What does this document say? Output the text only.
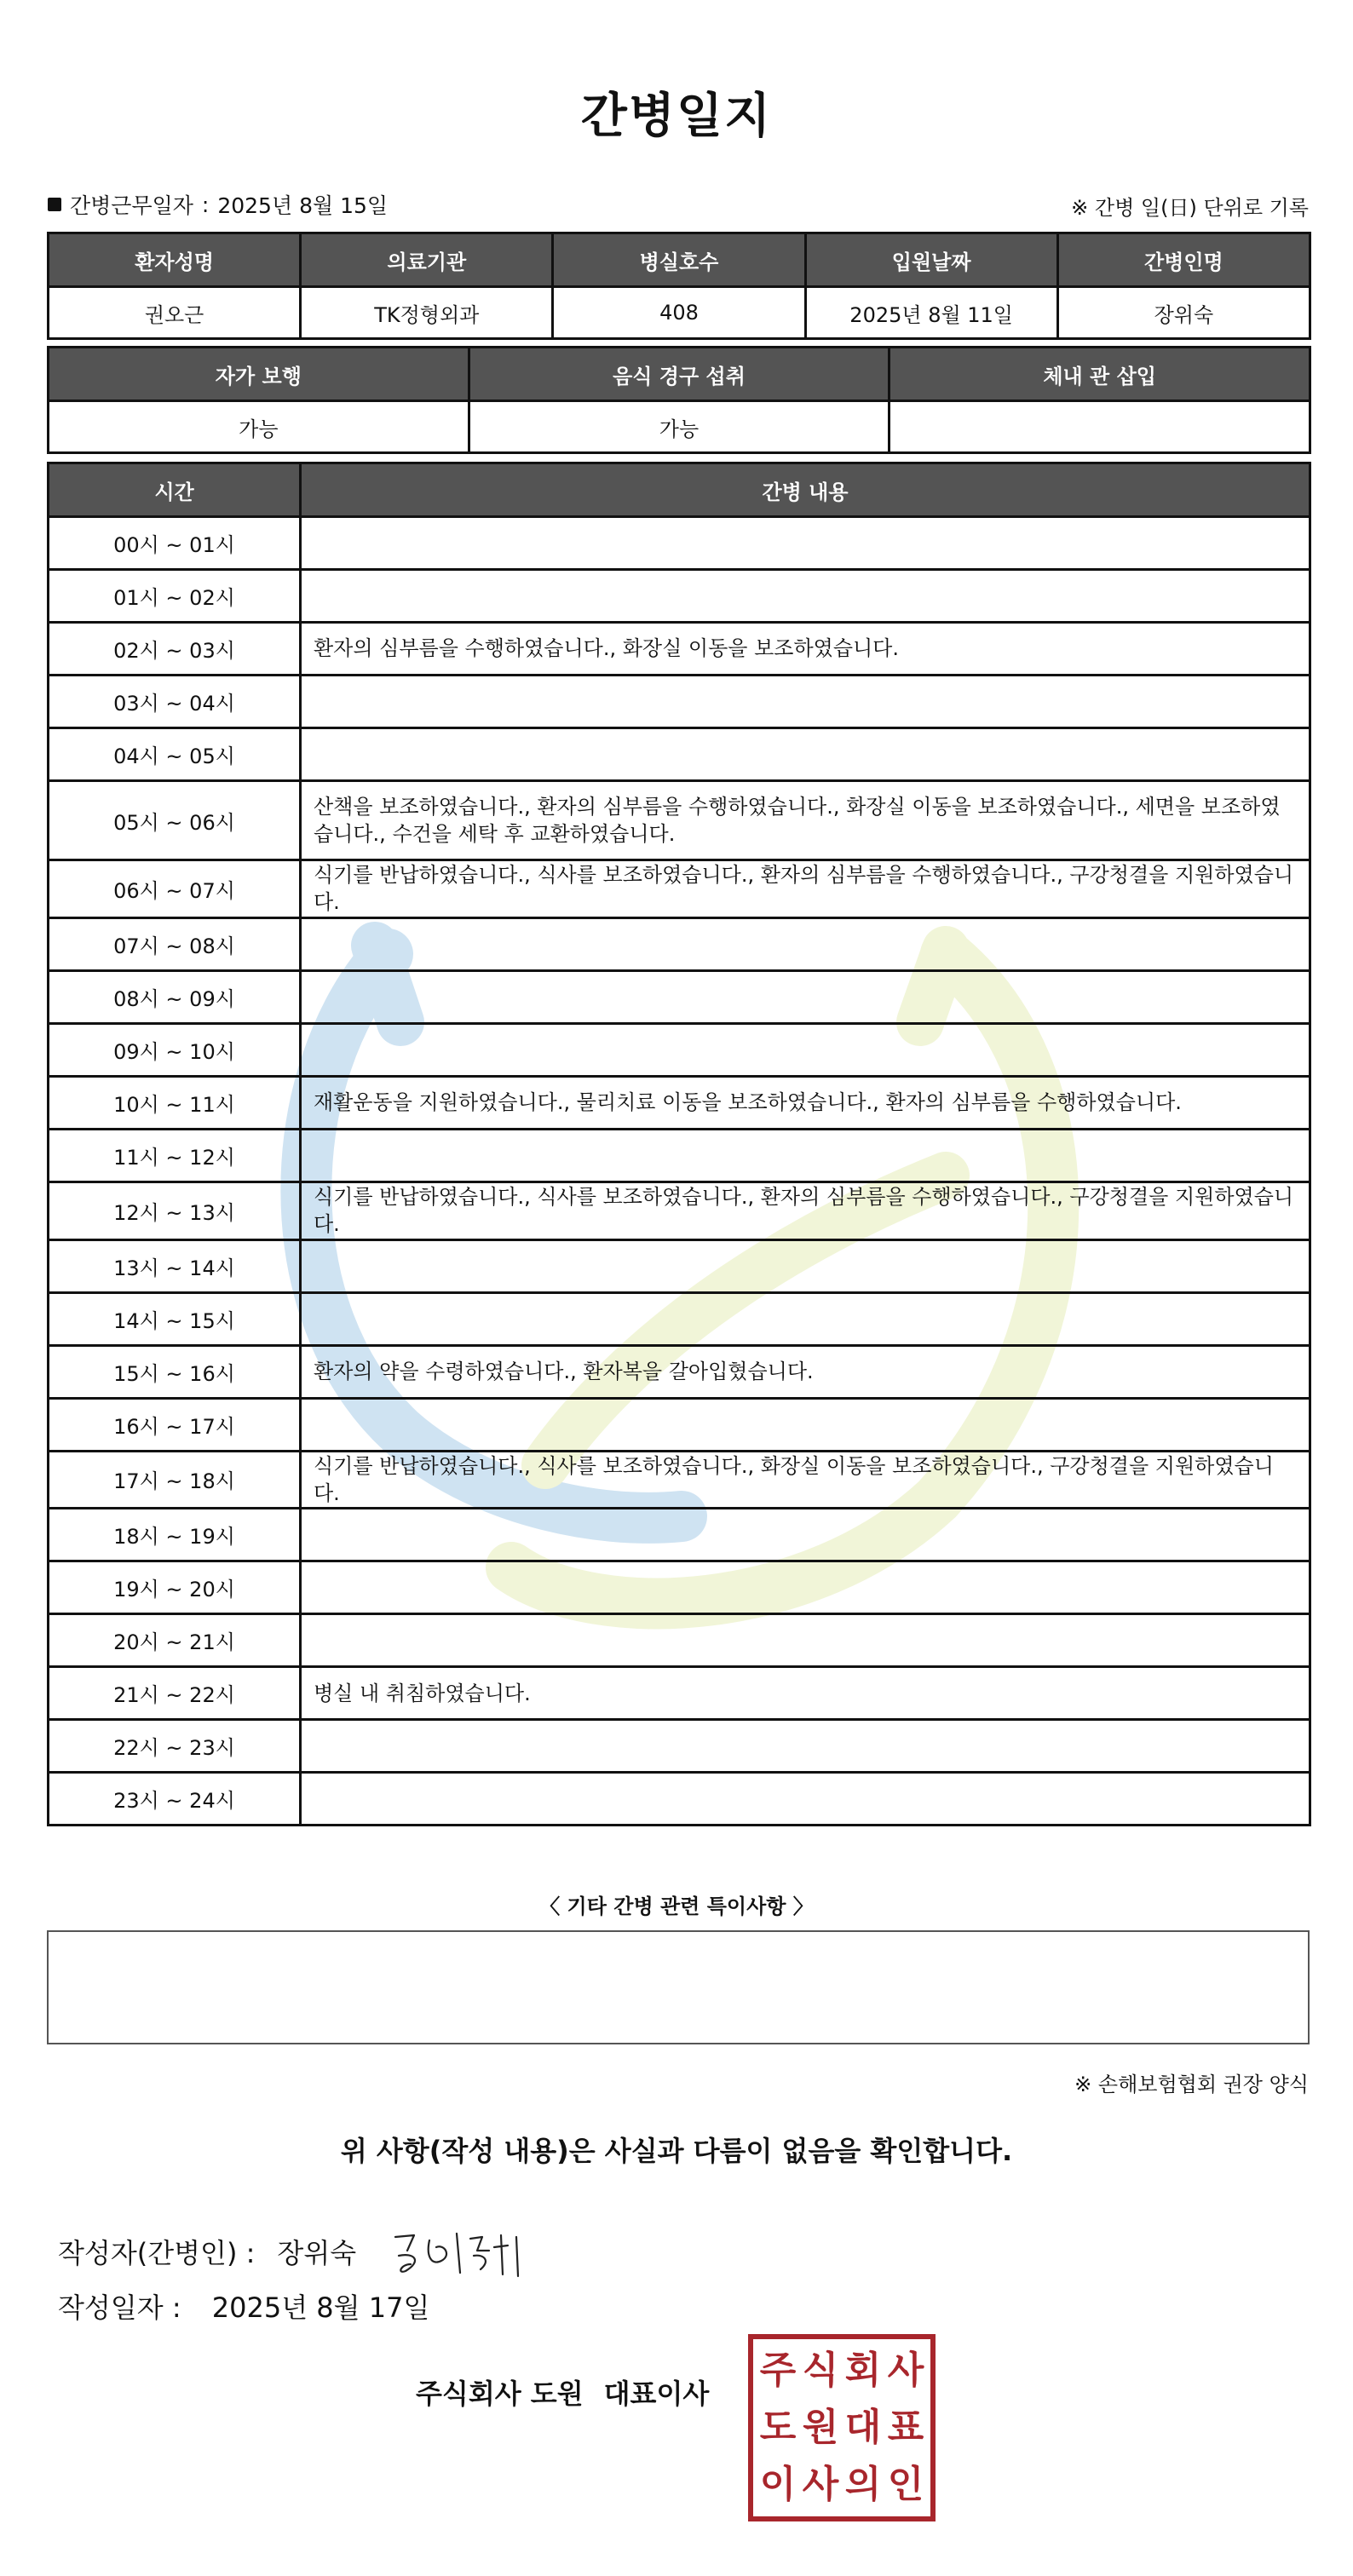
간병일지
간병근무일자 : 2025년 8월 15일	※ 간병 일(日) 단위로 기록
환자성명	의료기관	병실호수	입원날짜	간병인명
권오근	TK정형외과	408	2025년 8월 11일	장위숙
자가 보행	음식 경구 섭취	체내 관 삽입
가능	가능	
시간	간병 내용
00시 ~ 01시	
01시 ~ 02시	
02시 ~ 03시	환자의 심부름을 수행하였습니다., 화장실 이동을 보조하였습니다.
03시 ~ 04시	
04시 ~ 05시	
05시 ~ 06시	산책을 보조하였습니다., 환자의 심부름을 수행하였습니다., 화장실 이동을 보조하였습니다., 세면을 보조하였습니다., 수건을 세탁 후 교환하였습니다.
06시 ~ 07시	식기를 반납하였습니다., 식사를 보조하였습니다., 환자의 심부름을 수행하였습니다., 구강청결을 지원하였습니다.
07시 ~ 08시	
08시 ~ 09시	
09시 ~ 10시	
10시 ~ 11시	재활운동을 지원하였습니다., 물리치료 이동을 보조하였습니다., 환자의 심부름을 수행하였습니다.
11시 ~ 12시	
12시 ~ 13시	식기를 반납하였습니다., 식사를 보조하였습니다., 환자의 심부름을 수행하였습니다., 구강청결을 지원하였습니다.
13시 ~ 14시	
14시 ~ 15시	
15시 ~ 16시	환자의 약을 수령하였습니다., 환자복을 갈아입혔습니다.
16시 ~ 17시	
17시 ~ 18시	식기를 반납하였습니다., 식사를 보조하였습니다., 화장실 이동을 보조하였습니다., 구강청결을 지원하였습니다.
18시 ~ 19시	
19시 ~ 20시	
20시 ~ 21시	
21시 ~ 22시	병실 내 취침하였습니다.
22시 ~ 23시	
23시 ~ 24시	
〈 기타 간병 관련 특이사항 〉
※ 손해보험협회 권장 양식
위 사항(작성 내용)은 사실과 다름이 없음을 확인합니다.
작성자(간병인) : 장위숙
작성일자 : 2025년 8월 17일
주식회사 도원 대표이사
주 식 회 사
도 원 대 표
이 사 의 인
